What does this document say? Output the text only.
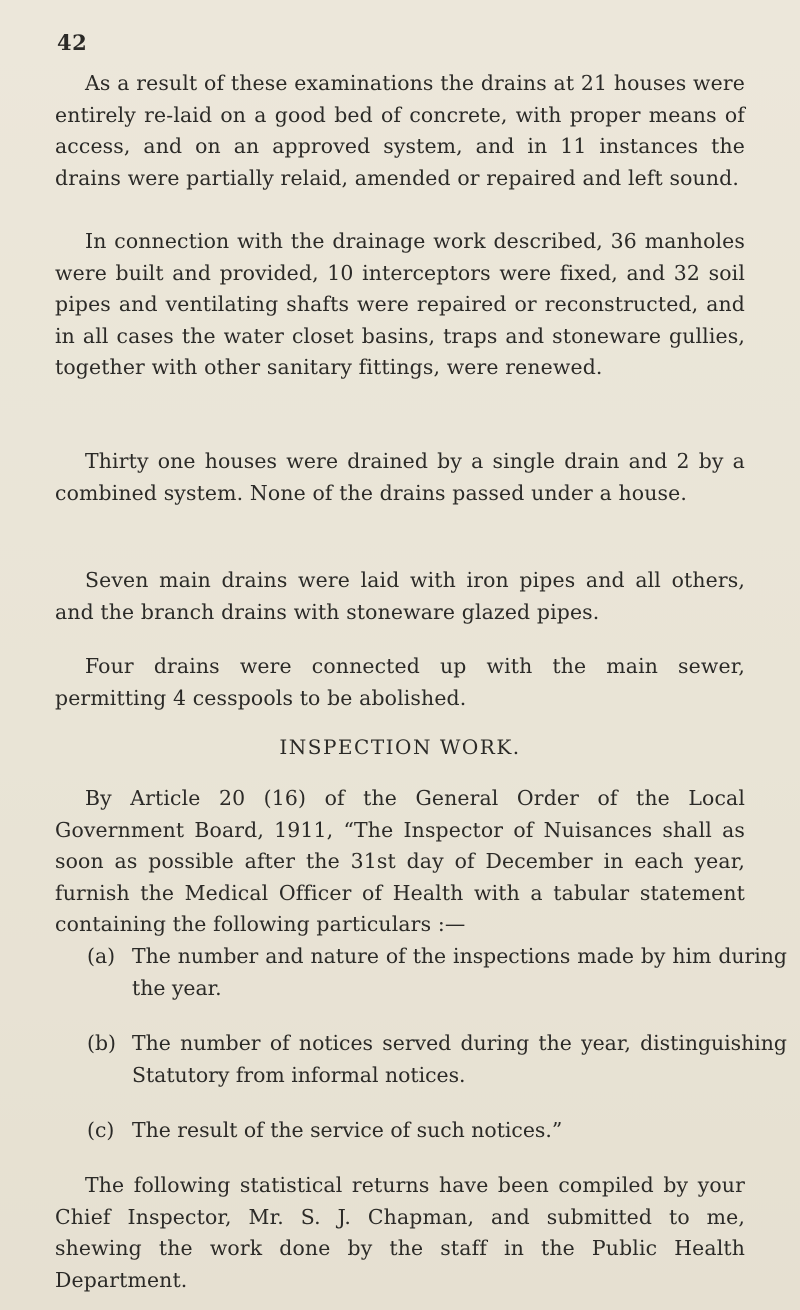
42

As a result of these examinations the drains at 21 houses were entirely re-laid on a good bed of concrete, with proper means of access, and on an approved system, and in 11 instances the drains were partially relaid, amended or repaired and left sound.

In connection with the drainage work described, 36 manholes were built and provided, 10 interceptors were fixed, and 32 soil pipes and ventilating shafts were repaired or reconstructed, and in all cases the water closet basins, traps and stoneware gullies, together with other sanitary fittings, were renewed.

Thirty one houses were drained by a single drain and 2 by a combined system. None of the drains passed under a house.

Seven main drains were laid with iron pipes and all others, and the branch drains with stoneware glazed pipes.

Four drains were connected up with the main sewer, permitting 4 cesspools to be abolished.

INSPECTION WORK.

By Article 20 (16) of the General Order of the Local Government Board, 1911, “The Inspector of Nuisances shall as soon as possible after the 31st day of December in each year, furnish the Medical Officer of Health with a tabular statement containing the following particulars :—

(a) The number and nature of the inspections made by him during the year.

(b) The number of notices served during the year, distinguishing Statutory from informal notices.

(c) The result of the service of such notices.”

The following statistical returns have been compiled by your Chief Inspector, Mr. S. J. Chapman, and submitted to me, shewing the work done by the staff in the Public Health Department.
